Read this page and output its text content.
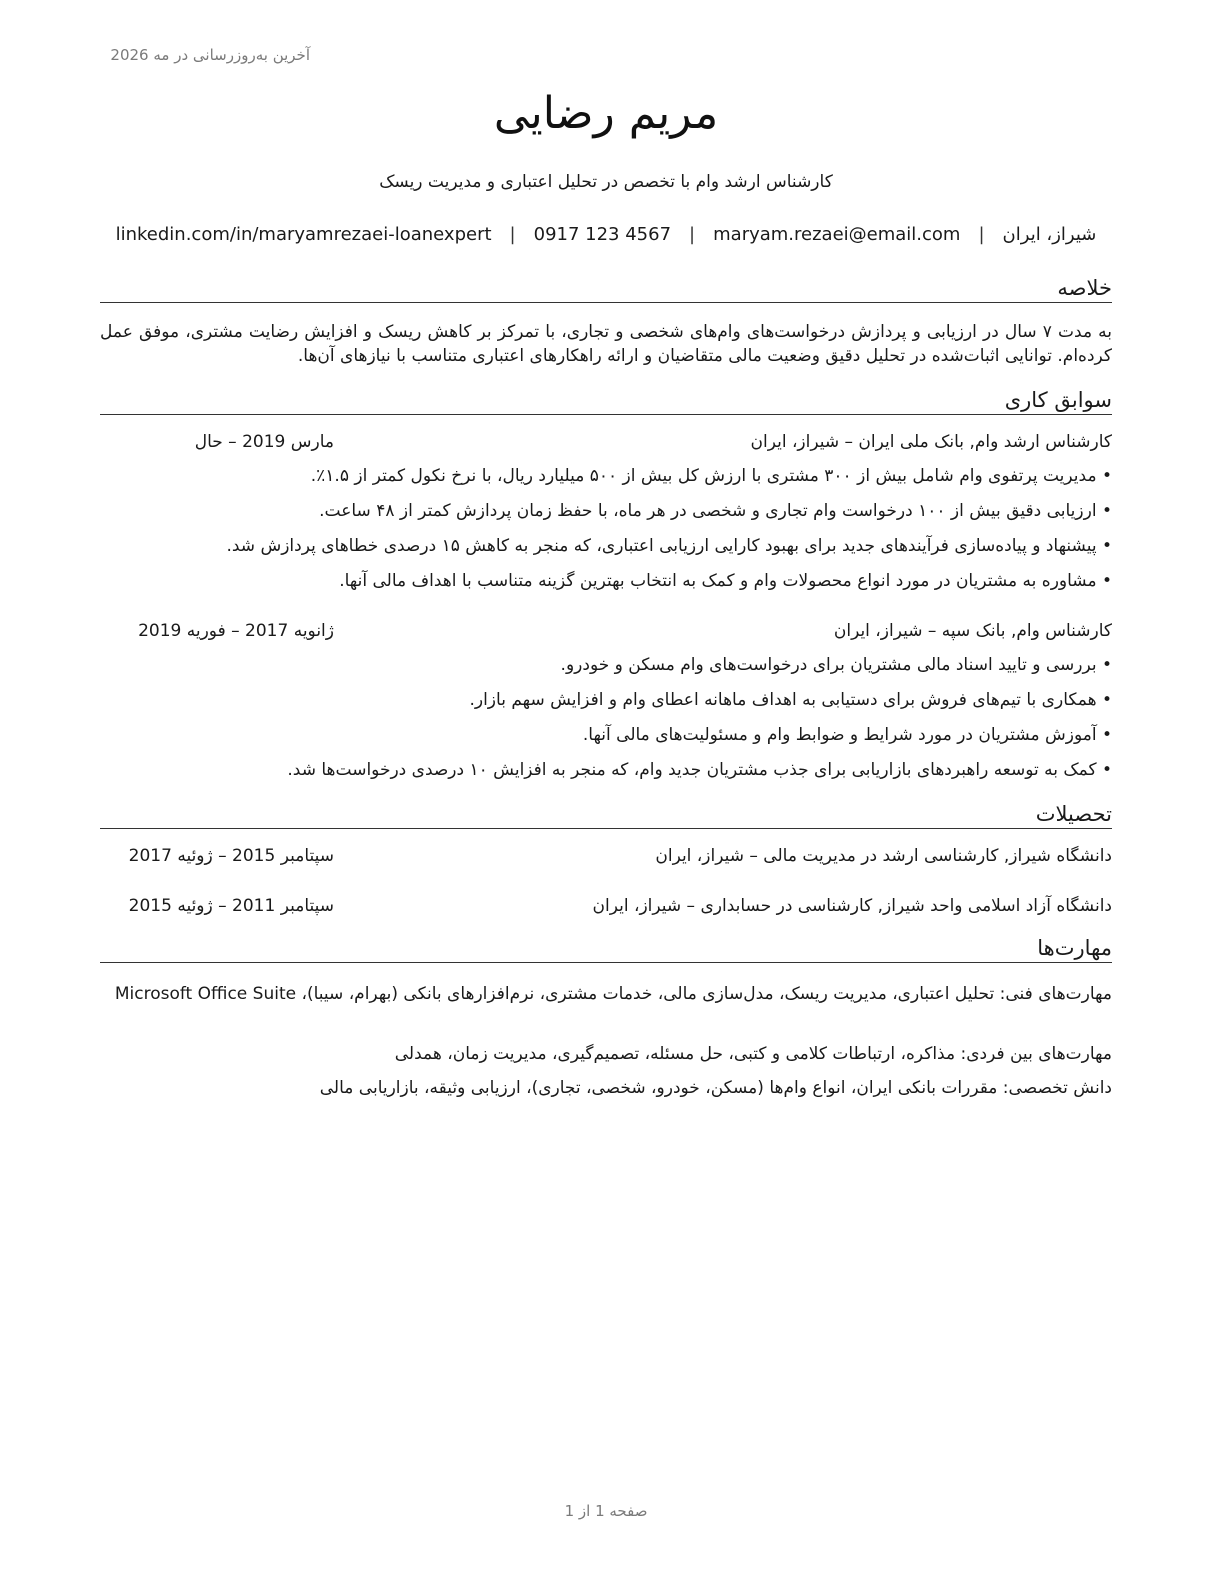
آخرین به‌روزرسانی در مه 2026
مریم رضایی
کارشناس ارشد وام با تخصص در تحلیل اعتباری و مدیریت ریسک
شیراز، ایران
|
maryam.rezaei@email.com
|
0917 123 4567
|
linkedin.com/in/maryamrezaei-loanexpert
خلاصه
به مدت ۷ سال در ارزیابی و پردازش درخواست‌های وام‌های شخصی و تجاری، با تمرکز بر کاهش ریسک و افزایش رضایت مشتری، موفق عمل کرده‌ام. توانایی اثبات‌شده در تحلیل دقیق وضعیت مالی متقاضیان و ارائه راهکارهای اعتباری متناسب با نیازهای آن‌ها.
سوابق کاری
کارشناس ارشد وام, بانک ملی ایران – شیراز، ایران
مارس 2019 – حال
• مدیریت پرتفوی وام شامل بیش از ۳۰۰ مشتری با ارزش کل بیش از ۵۰۰ میلیارد ریال، با نرخ نکول کمتر از ۱.۵٪.
• ارزیابی دقیق بیش از ۱۰۰ درخواست وام تجاری و شخصی در هر ماه، با حفظ زمان پردازش کمتر از ۴۸ ساعت.
• پیشنهاد و پیاده‌سازی فرآیندهای جدید برای بهبود کارایی ارزیابی اعتباری، که منجر به کاهش ۱۵ درصدی خطاهای پردازش شد.
• مشاوره به مشتریان در مورد انواع محصولات وام و کمک به انتخاب بهترین گزینه متناسب با اهداف مالی آنها.
کارشناس وام, بانک سپه – شیراز، ایران
ژانویه 2017 – فوریه 2019
• بررسی و تایید اسناد مالی مشتریان برای درخواست‌های وام مسکن و خودرو.
• همکاری با تیم‌های فروش برای دستیابی به اهداف ماهانه اعطای وام و افزایش سهم بازار.
• آموزش مشتریان در مورد شرایط و ضوابط وام و مسئولیت‌های مالی آنها.
• کمک به توسعه راهبردهای بازاریابی برای جذب مشتریان جدید وام، که منجر به افزایش ۱۰ درصدی درخواست‌ها شد.
تحصیلات
دانشگاه شیراز, کارشناسی ارشد در مدیریت مالی – شیراز، ایران
سپتامبر 2015 – ژوئیه 2017
دانشگاه آزاد اسلامی واحد شیراز, کارشناسی در حسابداری – شیراز، ایران
سپتامبر 2011 – ژوئیه 2015
مهارت‌ها
مهارت‌های فنی: تحلیل اعتباری، مدیریت ریسک، مدل‌سازی مالی، خدمات مشتری، نرم‌افزارهای بانکی (بهرام، سیبا)، Microsoft Office Suite
مهارت‌های بین فردی: مذاکره، ارتباطات کلامی و کتبی، حل مسئله، تصمیم‌گیری، مدیریت زمان، همدلی
دانش تخصصی: مقررات بانکی ایران، انواع وام‌ها (مسکن، خودرو، شخصی، تجاری)، ارزیابی وثیقه، بازاریابی مالی
صفحه 1 از 1
